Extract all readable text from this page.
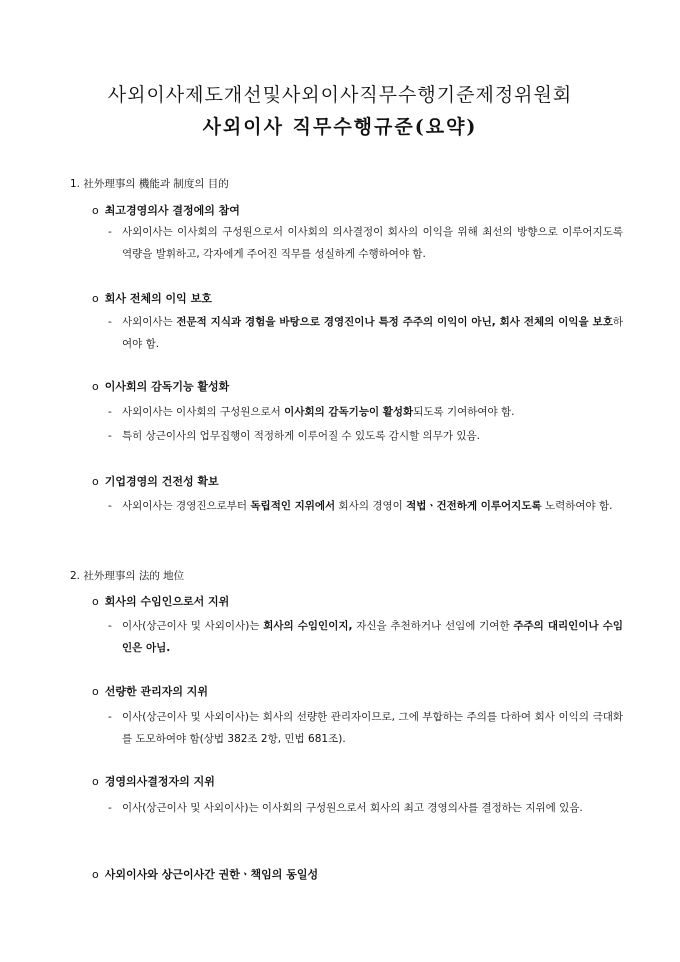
사외이사제도개선및사외이사직무수행기준제정위원회
사외이사 직무수행규준(요약)
1. 社外理事의 機能과 制度의 目的
o 최고경영의사 결정에의 참여
- 사외이사는 이사회의 구성원으로서 이사회의 의사결정이 회사의 이익을 위해 최선의 방향으로 이루어지도록 역량을 발휘하고, 각자에게 주어진 직무를 성실하게 수행하여야 함.
o 회사 전체의 이익 보호
- 사외이사는 전문적 지식과 경험을 바탕으로 경영진이나 특정 주주의 이익이 아닌, 회사 전체의 이익을 보호하여야 함.
o 이사회의 감독기능 활성화
- 사외이사는 이사회의 구성원으로서 이사회의 감독기능이 활성화되도록 기여하여야 함.
- 특히 상근이사의 업무집행이 적정하게 이루어질 수 있도록 감시할 의무가 있음.
o 기업경영의 건전성 확보
- 사외이사는 경영진으로부터 독립적인 지위에서 회사의 경영이 적법ㆍ건전하게 이루어지도록 노력하여야 함.
2. 社外理事의 法的 地位
o 회사의 수임인으로서 지위
- 이사(상근이사 및 사외이사)는 회사의 수임인이지, 자신을 추천하거나 선임에 기여한 주주의 대리인이나 수임인은 아님.
o 선량한 관리자의 지위
- 이사(상근이사 및 사외이사)는 회사의 선량한 관리자이므로, 그에 부합하는 주의를 다하여 회사 이익의 극대화를 도모하여야 함(상법 382조 2항, 민법 681조).
o 경영의사결정자의 지위
- 이사(상근이사 및 사외이사)는 이사회의 구성원으로서 회사의 최고 경영의사를 결정하는 지위에 있음.
o 사외이사와 상근이사간 권한ㆍ책임의 동일성
